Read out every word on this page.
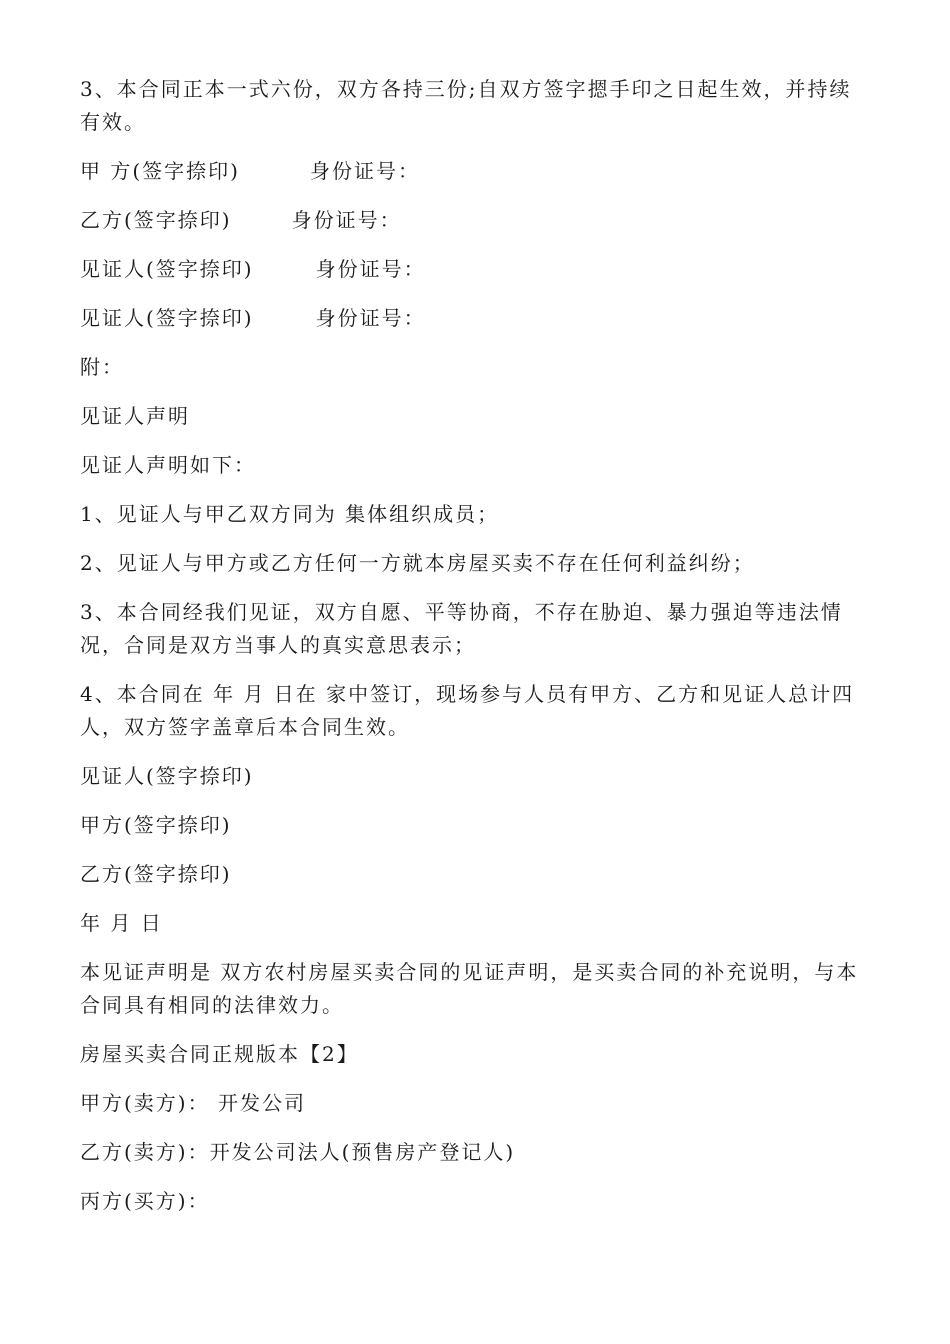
3、本合同正本一式六份，双方各持三份;自双方签字摁手印之日起生效，并持续有效。

甲 方(签字捺印)	身份证号：
乙方(签字捺印)	身份证号：
见证人(签字捺印)	身份证号：
见证人(签字捺印)	身份证号：

附：

见证人声明

见证人声明如下：

1、见证人与甲乙双方同为 集体组织成员；

2、见证人与甲方或乙方任何一方就本房屋买卖不存在任何利益纠纷；

3、本合同经我们见证，双方自愿、平等协商，不存在胁迫、暴力强迫等违法情况，合同是双方当事人的真实意思表示；

4、本合同在 年 月 日在 家中签订，现场参与人员有甲方、乙方和见证人总计四人，双方签字盖章后本合同生效。

见证人(签字捺印)

甲方(签字捺印)

乙方(签字捺印)

年 月 日

本见证声明是 双方农村房屋买卖合同的见证声明，是买卖合同的补充说明，与本合同具有相同的法律效力。

房屋买卖合同正规版本【2】

甲方(卖方)： 开发公司

乙方(卖方)：开发公司法人(预售房产登记人)

丙方(买方)：
